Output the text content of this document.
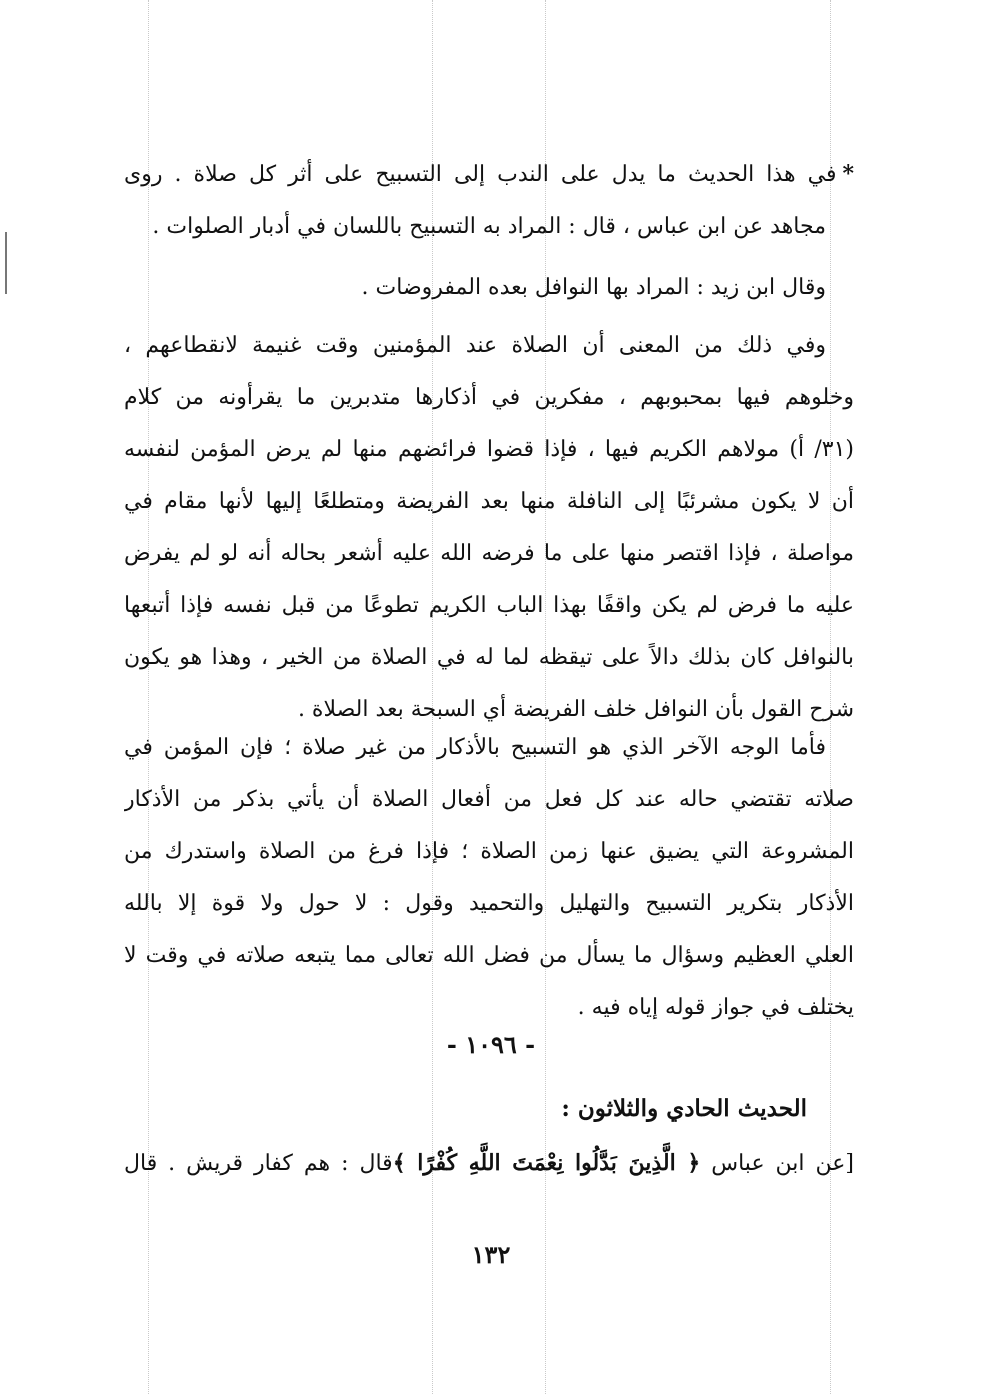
*في هذا الحديث ما يدل على الندب إلى التسبيح على أثر كل صلاة . روى
مجاهد عن ابن عباس ، قال : المراد به التسبيح باللسان في أدبار الصلوات .
وقال ابن زيد : المراد بها النوافل بعده المفروضات .
وفي ذلك من المعنى أن الصلاة عند المؤمنين وقت غنيمة لانقطاعهم ،
وخلوهم فيها بمحبوبهم ، مفكرين في أذكارها متدبرين ما يقرأونه من كلام
(٣١/ أ) مولاهم الكريم فيها ، فإذا قضوا فرائضهم منها لم يرض المؤمن لنفسه
أن لا يكون مشرئبًا إلى النافلة منها بعد الفريضة ومتطلعًا إليها لأنها مقام في
مواصلة ، فإذا اقتصر منها على ما فرضه الله عليه أشعر بحاله أنه لو لم يفرض
عليه ما فرض لم يكن واقفًا بهذا الباب الكريم تطوعًا من قبل نفسه فإذا أتبعها
بالنوافل كان بذلك دالاً على تيقظه لما له في الصلاة من الخير ، وهذا هو يكون
شرح القول بأن النوافل خلف الفريضة أي السبحة بعد الصلاة .
فأما الوجه الآخر الذي هو التسبيح بالأذكار من غير صلاة ؛ فإن المؤمن في
صلاته تقتضي حاله عند كل فعل من أفعال الصلاة أن يأتي بذكر من الأذكار
المشروعة التي يضيق عنها زمن الصلاة ؛ فإذا فرغ من الصلاة واستدرك من
الأذكار بتكرير التسبيح والتهليل والتحميد وقول : لا حول ولا قوة إلا بالله
العلي العظيم وسؤال ما يسأل من فضل الله تعالى مما يتبعه صلاته في وقت لا
يختلف في جواز قوله إياه فيه .
- ١٠٩٦ -
الحديث الحادي والثلاثون :
[عن ابن عباس ﴿ الَّذِينَ بَدَّلُوا نِعْمَتَ اللَّهِ كُفْرًا ﴾قال : هم كفار قريش . قال
١٣٢
